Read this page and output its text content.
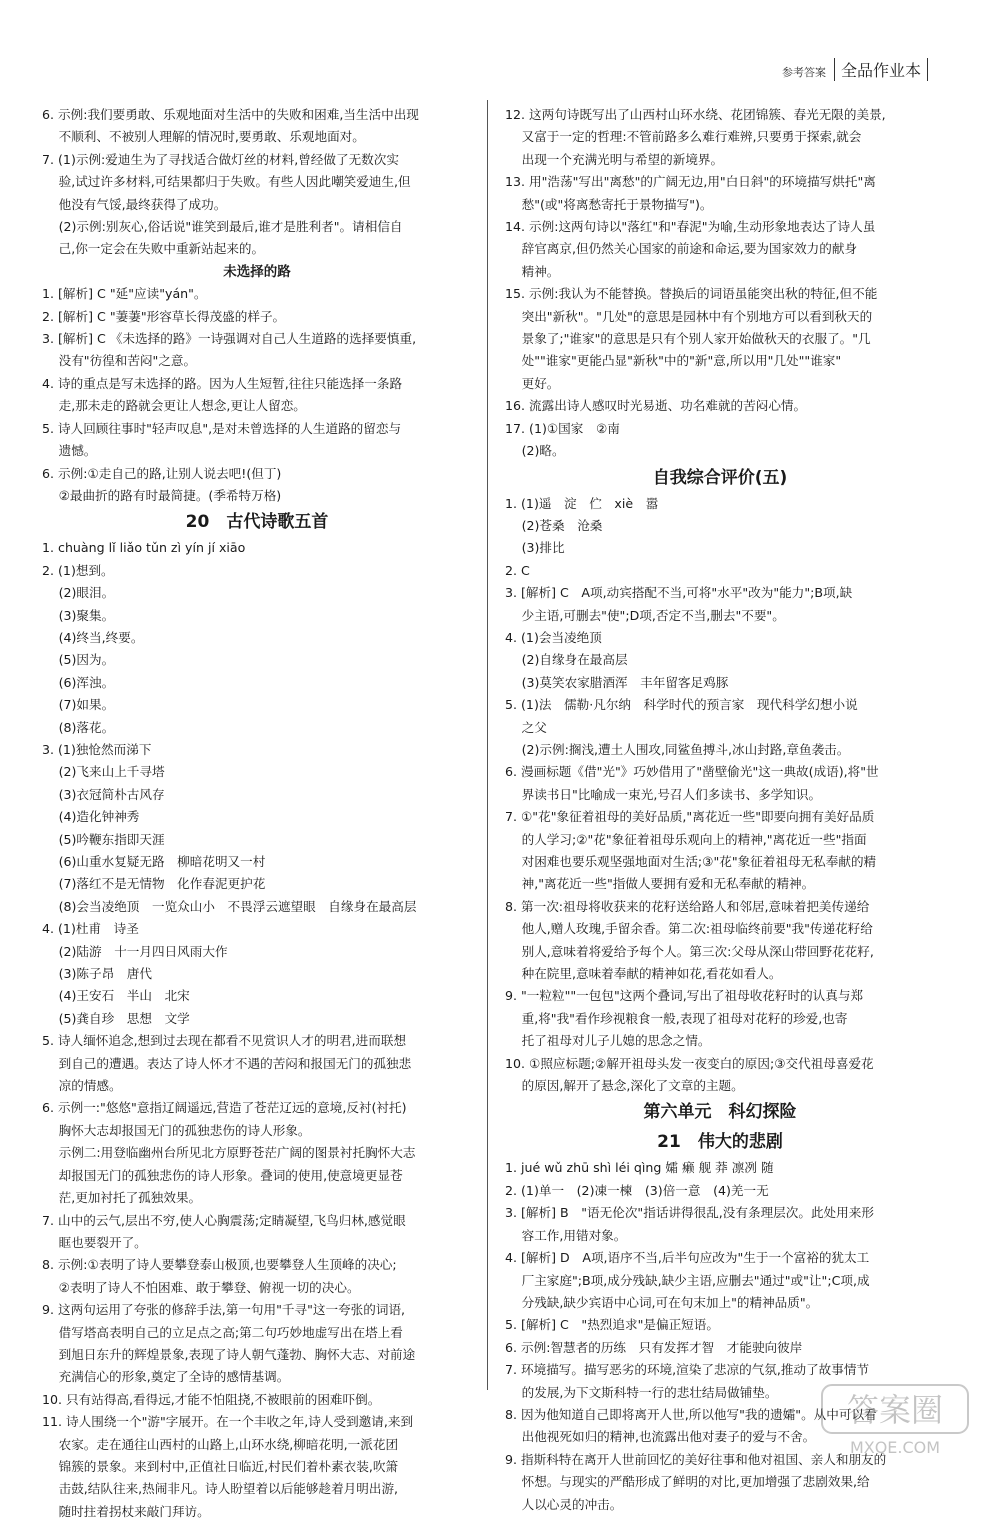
参考答案 全品作业本
6. 示例:我们要勇敢、乐观地面对生活中的失败和困难,当生活中出现
　 不顺利、不被别人理解的情况时,要勇敢、乐观地面对。
7. (1)示例:爱迪生为了寻找适合做灯丝的材料,曾经做了无数次实
　 验,试过许多材料,可结果都归于失败。有些人因此嘲笑爱迪生,但
　 他没有气馁,最终获得了成功。
　 (2)示例:别灰心,俗话说"谁笑到最后,谁才是胜利者"。请相信自
　 己,你一定会在失败中重新站起来的。
未选择的路
1. [解析] C "延"应读"yán"。
2. [解析] C "萋萋"形容草长得茂盛的样子。
3. [解析] C 《未选择的路》一诗强调对自己人生道路的选择要慎重,
　 没有"彷徨和苦闷"之意。
4. 诗的重点是写未选择的路。因为人生短暂,往往只能选择一条路
　 走,那未走的路就会更让人想念,更让人留恋。
5. 诗人回顾往事时"轻声叹息",是对未曾选择的人生道路的留恋与
　 遗憾。
6. 示例:①走自己的路,让别人说去吧!(但丁)
　 ②最曲折的路有时最简捷。(季希特万格)
20　古代诗歌五首
1. chuàng lǐ liǎo tǔn zì yín jí xiāo
2. (1)想到。
　 (2)眼泪。
　 (3)聚集。
　 (4)终当,终要。
　 (5)因为。
　 (6)浑浊。
　 (7)如果。
　 (8)落花。
3. (1)独怆然而涕下
　 (2)飞来山上千寻塔
　 (3)衣冠简朴古风存
　 (4)造化钟神秀
　 (5)吟鞭东指即天涯
　 (6)山重水复疑无路　柳暗花明又一村
　 (7)落红不是无情物　化作春泥更护花
　 (8)会当凌绝顶　一览众山小　不畏浮云遮望眼　自缘身在最高层
4. (1)杜甫　诗圣
　 (2)陆游　十一月四日风雨大作
　 (3)陈子昂　唐代
　 (4)王安石　半山　北宋
　 (5)龚自珍　思想　文学
5. 诗人缅怀追念,想到过去现在都看不见赏识人才的明君,进而联想
　 到自己的遭遇。表达了诗人怀才不遇的苦闷和报国无门的孤独悲
　 凉的情感。
6. 示例一:"悠悠"意指辽阔遥远,营造了苍茫辽远的意境,反衬(衬托)
　 胸怀大志却报国无门的孤独悲伤的诗人形象。
　 示例二:用登临幽州台所见北方原野苍茫广阔的图景衬托胸怀大志
　 却报国无门的孤独悲伤的诗人形象。叠词的使用,使意境更显苍
　 茫,更加衬托了孤独效果。
7. 山中的云气,层出不穷,使人心胸震荡;定睛凝望,飞鸟归林,感觉眼
　 眶也要裂开了。
8. 示例:①表明了诗人要攀登泰山极顶,也要攀登人生顶峰的决心;
　 ②表明了诗人不怕困难、敢于攀登、俯视一切的决心。
9. 这两句运用了夸张的修辞手法,第一句用"千寻"这一夸张的词语,
　 借写塔高表明自己的立足点之高;第二句巧妙地虚写出在塔上看
　 到旭日东升的辉煌景象,表现了诗人朝气蓬勃、胸怀大志、对前途
　 充满信心的形象,奠定了全诗的感情基调。
10. 只有站得高,看得远,才能不怕阻挠,不被眼前的困难吓倒。
11. 诗人围绕一个"游"字展开。在一个丰收之年,诗人受到邀请,来到
　 农家。走在通往山西村的山路上,山环水绕,柳暗花明,一派花团
　 锦簇的景象。来到村中,正值社日临近,村民们着朴素衣装,吹箫
　 击鼓,结队往来,热闹非凡。诗人盼望着以后能够趁着月明出游,
　 随时拄着拐杖来敲门拜访。
12. 这两句诗既写出了山西村山环水绕、花团锦簇、春光无限的美景,
　 又富于一定的哲理:不管前路多么难行难辨,只要勇于探索,就会
　 出现一个充满光明与希望的新境界。
13. 用"浩荡"写出"离愁"的广阔无边,用"白日斜"的环境描写烘托"离
　 愁"(或"将离愁寄托于景物描写")。
14. 示例:这两句诗以"落红"和"春泥"为喻,生动形象地表达了诗人虽
　 辞官离京,但仍然关心国家的前途和命运,要为国家效力的献身
　 精神。
15. 示例:我认为不能替换。替换后的词语虽能突出秋的特征,但不能
　 突出"新秋"。"几处"的意思是园林中有个别地方可以看到秋天的
　 景象了;"谁家"的意思是只有个别人家开始做秋天的衣服了。"几
　 处""谁家"更能凸显"新秋"中的"新"意,所以用"几处""谁家"
　 更好。
16. 流露出诗人感叹时光易逝、功名难就的苦闷心情。
17. (1)①国家　②南
　 (2)略。
自我综合评价(五)
1. (1)遥　淀　伫　xiè　嚣
　 (2)苍桑　沧桑
　 (3)排比
2. C
3. [解析] C　A项,动宾搭配不当,可将"水平"改为"能力";B项,缺
　 少主语,可删去"使";D项,否定不当,删去"不要"。
4. (1)会当凌绝顶
　 (2)自缘身在最高层
　 (3)莫笑农家腊酒浑　丰年留客足鸡豚
5. (1)法　儒勒·凡尔纳　科学时代的预言家　现代科学幻想小说
　 之父
　 (2)示例:搁浅,遭土人围攻,同鲨鱼搏斗,冰山封路,章鱼袭击。
6. 漫画标题《借"光"》巧妙借用了"凿壁偷光"这一典故(成语),将"世
　 界读书日"比喻成一束光,号召人们多读书、多学知识。
7. ①"花"象征着祖母的美好品质,"离花近一些"即要向拥有美好品质
　 的人学习;②"花"象征着祖母乐观向上的精神,"离花近一些"指面
　 对困难也要乐观坚强地面对生活;③"花"象征着祖母无私奉献的精
　 神,"离花近一些"指做人要拥有爱和无私奉献的精神。
8. 第一次:祖母将收获来的花籽送给路人和邻居,意味着把美传递给
　 他人,赠人玫瑰,手留余香。第二次:祖母临终前要"我"传递花籽给
　 别人,意味着将爱给予每个人。第三次:父母从深山带回野花花籽,
　 种在院里,意味着奉献的精神如花,看花如看人。
9. "一粒粒""一包包"这两个叠词,写出了祖母收花籽时的认真与郑
　 重,将"我"看作珍视粮食一般,表现了祖母对花籽的珍爱,也寄
　 托了祖母对儿子儿媳的思念之情。
10. ①照应标题;②解开祖母头发一夜变白的原因;③交代祖母喜爱花
　 的原因,解开了悬念,深化了文章的主题。
第六单元　科幻探险
21　伟大的悲剧
1. jué wǔ zhū shì léi qìng 孀 癞 舰 莽 凛冽 随
2. (1)单一　(2)凍一楝　(3)倍一意　(4)羌一无
3. [解析] B　"语无伦次"指话讲得很乱,没有条理层次。此处用来形
　 容工作,用错对象。
4. [解析] D　A项,语序不当,后半句应改为"生于一个富裕的犹太工
　 厂主家庭";B项,成分残缺,缺少主语,应删去"通过"或"让";C项,成
　 分残缺,缺少宾语中心词,可在句末加上"的精神品质"。
5. [解析] C　"热烈追求"是偏正短语。
6. 示例:智慧者的历练　只有发挥才智　才能驶向彼岸
7. 环境描写。描写恶劣的环境,渲染了悲凉的气氛,推动了故事情节
　 的发展,为下文斯科特一行的悲壮结局做铺垫。
8. 因为他知道自己即将离开人世,所以他写"我的遗孀"。从中可以看
　 出他视死如归的精神,也流露出他对妻子的爱与不舍。
9. 指斯科特在离开人世前回忆的美好往事和他对祖国、亲人和朋友的
　 怀想。与现实的严酷形成了鲜明的对比,更加增强了悲剧效果,给
　 人以心灵的冲击。
答案圈
MXQE.COM
